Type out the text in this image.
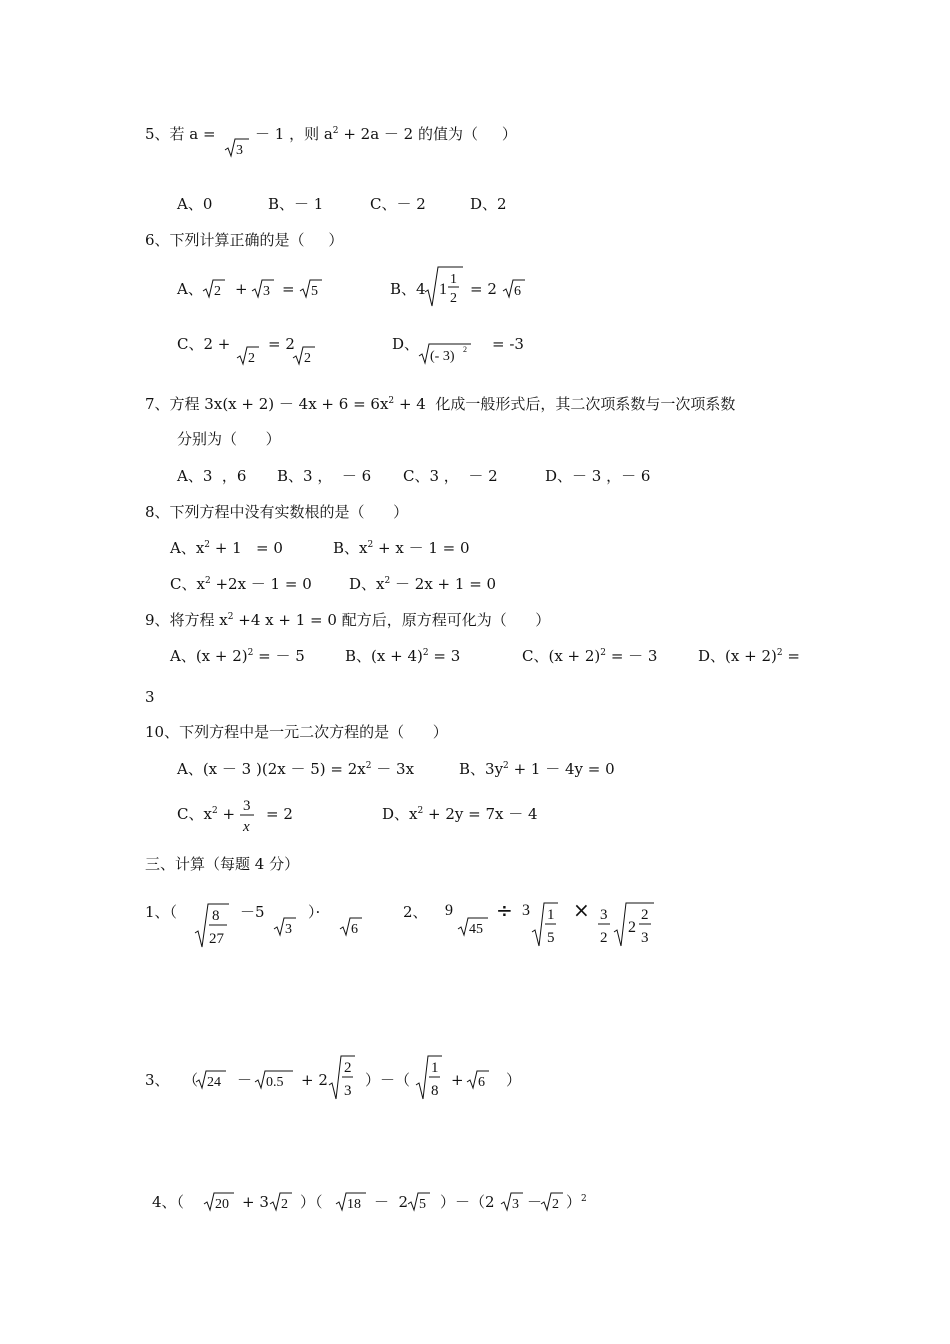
5、若 a =
3
－ 1 ，则 $a^2 + 2a - 2$ 的值为（     ）
A、0	B、－ 1	C、－ 2	D、2
6、下列计算正确的是（     ）
A、 2 + 3 = 5	B、4 1
1
2
= 2 6
C、2 +
2
= 2
2
D、
(- 3) 2 = -3
7、方程 $3x(x + 2) - 4x + 6 = 6x^2 + 4$  化成一般形式后，其二次项系数与一次项系数
分别为（      ）
A、3  ，6 B、3 ，  － 6 C、3 ，  － 2	D、－ 3 ，－ 6
8、下列方程中没有实数根的是（      ）
A、$x^2 + 1 = 0$	B、$x^2 + x - 1 = 0$
C、$x^2 +2x - 1 = 0$ D、$x^2 - 2x + 1 = 0$
9、将方程 $x^2 +4$ x + 1 = 0 配方后，原方程可化为（      ）
A、$(x + 2)^2$ = － 5	B、$(x + 4)^2 = 3$	C、$(x + 2)^2$ = － 3	D、$(x + 2)^2$ =
3
10、下列方程中是一元二次方程的是（      ）
A、(x － 3 )$(2x - 5) = 2x^2 - 3x$	B、$3y^2 + 1 - 4y = 0$
C、$x^2 + 3$
x
= 2	D、$x^2 + 2y = 7x - 4$
三、计算（每题 4 分）
1、（ 8
27
－5
3
）·
6
2、 9
45
÷ 3 1
5
× 3
2
2
2
3
3、 （ 24 － 0.5 + 2
2
3
）－（
1
8
+ 6 ）
4、（ 20 + 3 2 ）（ 18 －  2 5 ）－（2 3 － 2 ）$^2$
